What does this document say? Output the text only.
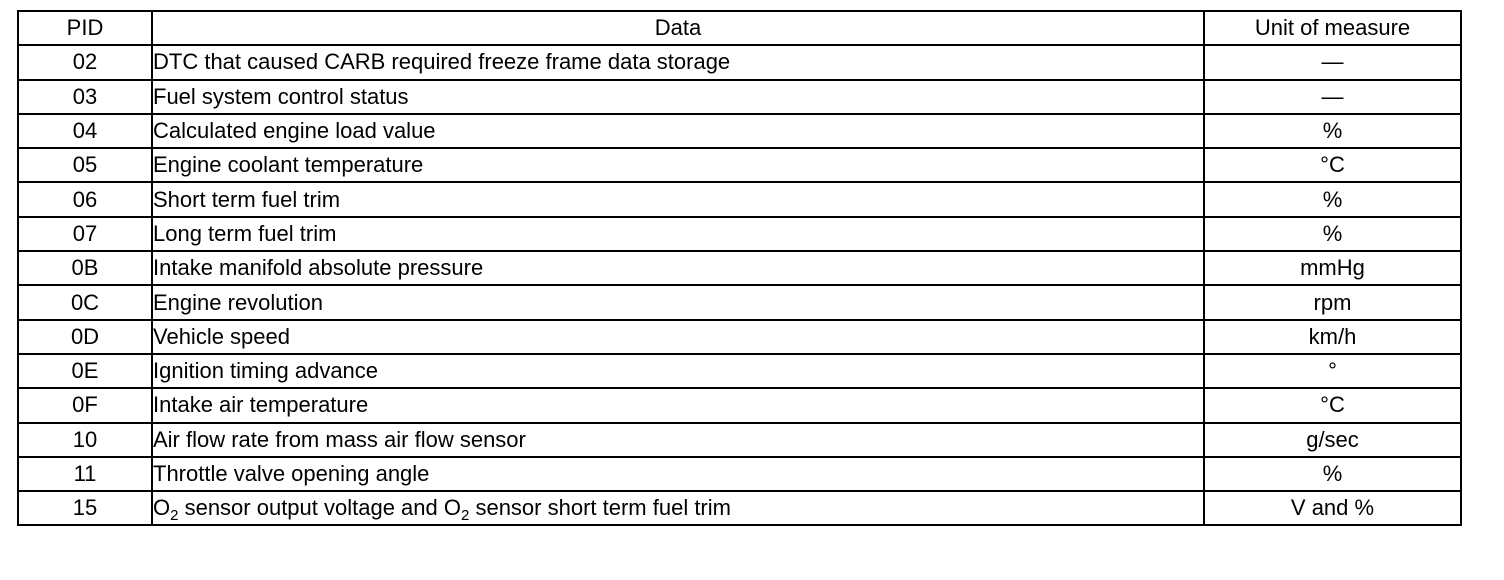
PID	Data	Unit of measure
02	DTC that caused CARB required freeze frame data storage	—
03	Fuel system control status	—
04	Calculated engine load value	%
05	Engine coolant temperature	°C
06	Short term fuel trim	%
07	Long term fuel trim	%
0B	Intake manifold absolute pressure	mmHg
0C	Engine revolution	rpm
0D	Vehicle speed	km/h
0E	Ignition timing advance	°
0F	Intake air temperature	°C
10	Air flow rate from mass air flow sensor	g/sec
11	Throttle valve opening angle	%
15	$O_2$ sensor output voltage and $O_2$ sensor short term fuel trim	V and %
